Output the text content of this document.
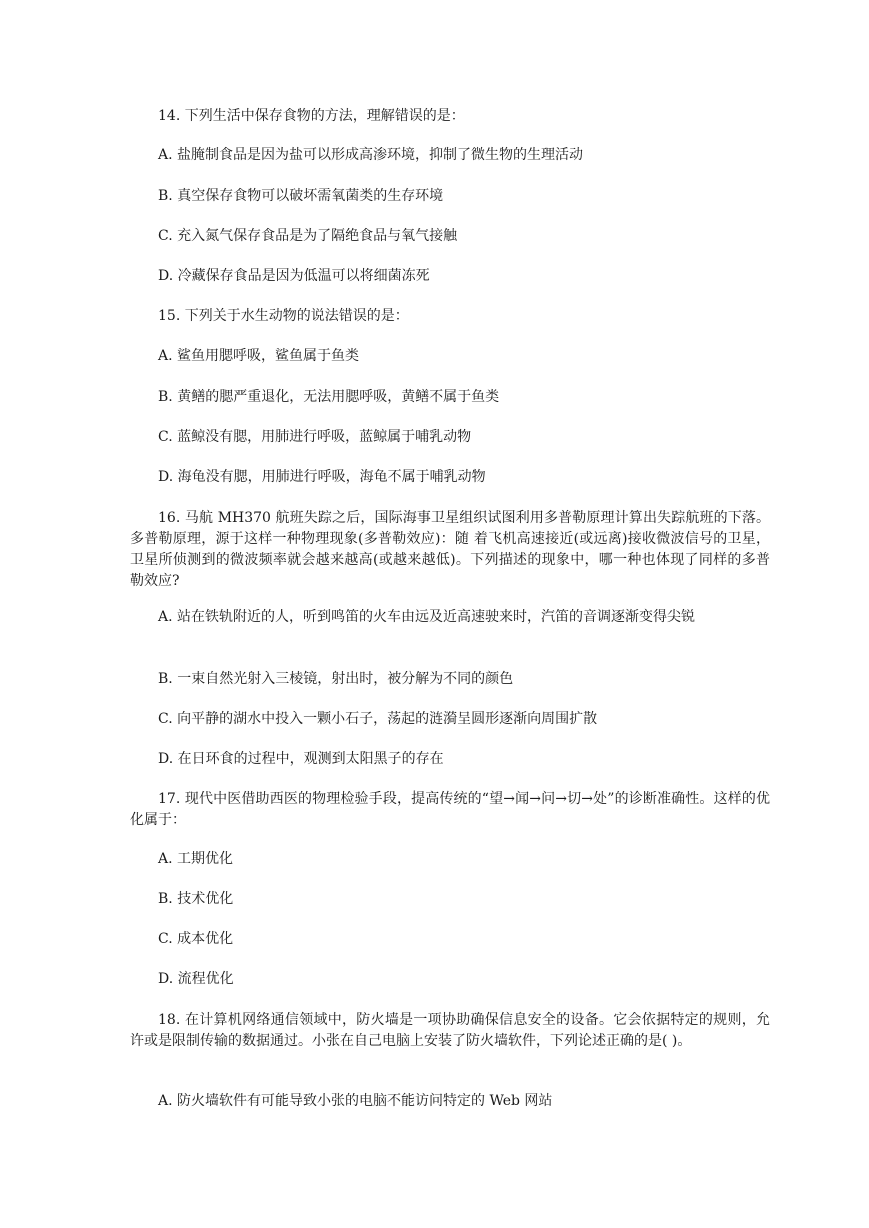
14. 下列生活中保存食物的方法，理解错误的是：

A. 盐腌制食品是因为盐可以形成高渗环境，抑制了微生物的生理活动

B. 真空保存食物可以破坏需氧菌类的生存环境

C. 充入氮气保存食品是为了隔绝食品与氧气接触

D. 冷藏保存食品是因为低温可以将细菌冻死

15. 下列关于水生动物的说法错误的是：

A. 鲨鱼用腮呼吸，鲨鱼属于鱼类

B. 黄鳝的腮严重退化，无法用腮呼吸，黄鳝不属于鱼类

C. 蓝鲸没有腮，用肺进行呼吸，蓝鲸属于哺乳动物

D. 海龟没有腮，用肺进行呼吸，海龟不属于哺乳动物

16. 马航 MH370 航班失踪之后，国际海事卫星组织试图利用多普勒原理计算出失踪航班的下落。多普勒原理，源于这样一种物理现象(多普勒效应)：随 着飞机高速接近(或远离)接收微波信号的卫星，卫星所侦测到的微波频率就会越来越高(或越来越低)。下列描述的现象中，哪一种也体现了同样的多普勒效应?

A. 站在铁轨附近的人，听到鸣笛的火车由远及近高速驶来时，汽笛的音调逐渐变得尖锐

B. 一束自然光射入三棱镜，射出时，被分解为不同的颜色

C. 向平静的湖水中投入一颗小石子，荡起的涟漪呈圆形逐渐向周围扩散

D. 在日环食的过程中，观测到太阳黑子的存在

17. 现代中医借助西医的物理检验手段，提高传统的“望→闻→问→切→处”的诊断准确性。这样的优化属于：

A. 工期优化

B. 技术优化

C. 成本优化

D. 流程优化

18. 在计算机网络通信领域中，防火墙是一项协助确保信息安全的设备。它会依据特定的规则，允许或是限制传输的数据通过。小张在自己电脑上安装了防火墙软件，下列论述正确的是( )。

A. 防火墙软件有可能导致小张的电脑不能访问特定的 Web 网站
